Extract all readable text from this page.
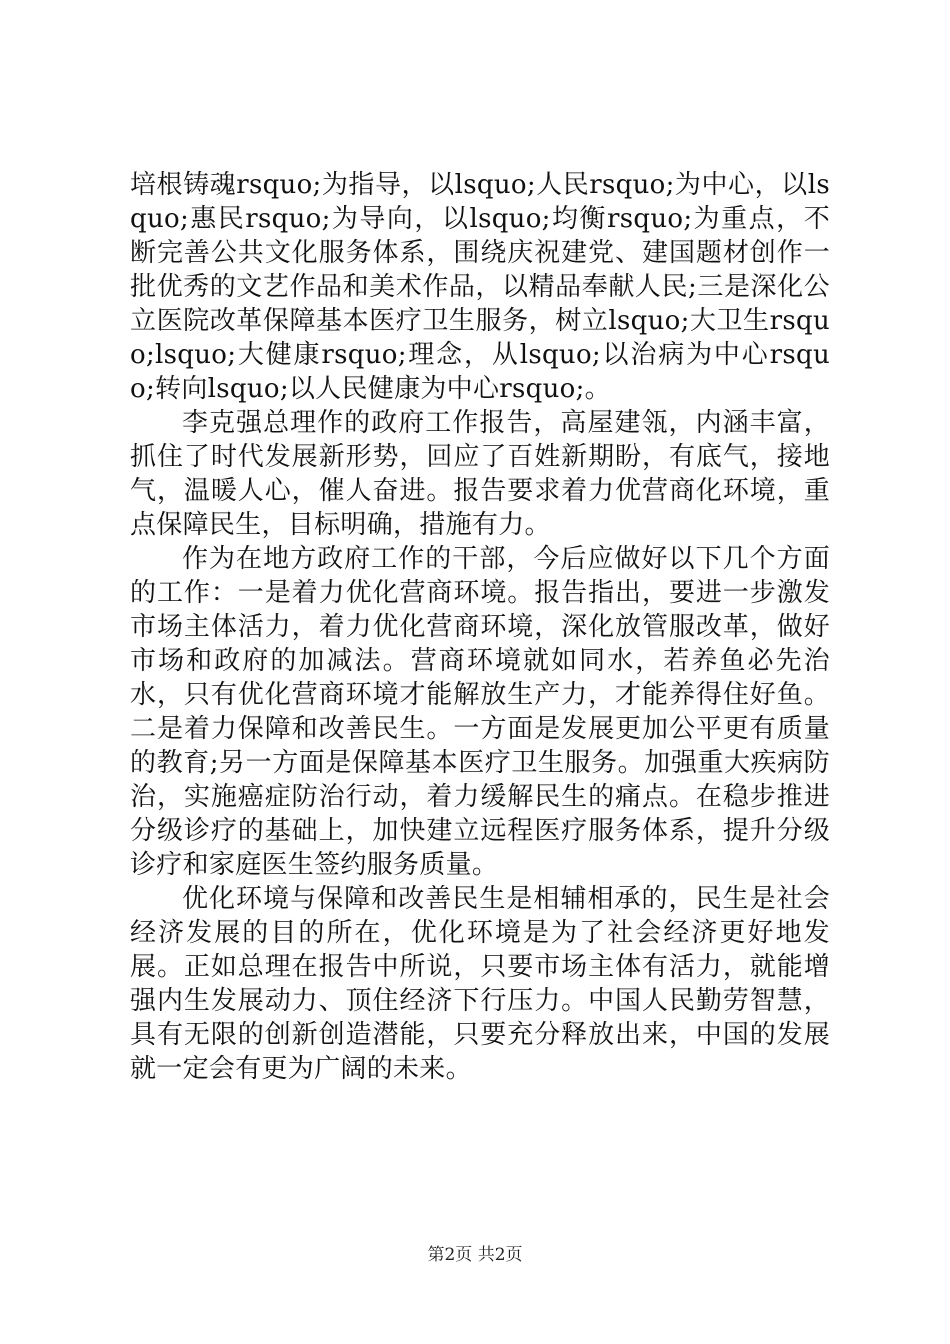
培根铸魂rsquo;为指导，以lsquo;人民rsquo;为中心，以lsquo;惠民rsquo;为导向，以lsquo;均衡rsquo;为重点，不断完善公共文化服务体系，围绕庆祝建党、建国题材创作一批优秀的文艺作品和美术作品，以精品奉献人民;三是深化公立医院改革保障基本医疗卫生服务，树立lsquo;大卫生rsquo;lsquo;大健康rsquo;理念，从lsquo;以治病为中心rsquo;转向lsquo;以人民健康为中心rsquo;。

李克强总理作的政府工作报告，高屋建瓴，内涵丰富，抓住了时代发展新形势，回应了百姓新期盼，有底气，接地气，温暖人心，催人奋进。报告要求着力优营商化环境，重点保障民生，目标明确，措施有力。

作为在地方政府工作的干部，今后应做好以下几个方面的工作：一是着力优化营商环境。报告指出，要进一步激发市场主体活力，着力优化营商环境，深化放管服改革，做好市场和政府的加减法。营商环境就如同水，若养鱼必先治水，只有优化营商环境才能解放生产力，才能养得住好鱼。二是着力保障和改善民生。一方面是发展更加公平更有质量的教育;另一方面是保障基本医疗卫生服务。加强重大疾病防治，实施癌症防治行动，着力缓解民生的痛点。在稳步推进分级诊疗的基础上，加快建立远程医疗服务体系，提升分级诊疗和家庭医生签约服务质量。

优化环境与保障和改善民生是相辅相承的，民生是社会经济发展的目的所在，优化环境是为了社会经济更好地发展。正如总理在报告中所说，只要市场主体有活力，就能增强内生发展动力、顶住经济下行压力。中国人民勤劳智慧，具有无限的创新创造潜能，只要充分释放出来，中国的发展就一定会有更为广阔的未来。

第2页 共2页
